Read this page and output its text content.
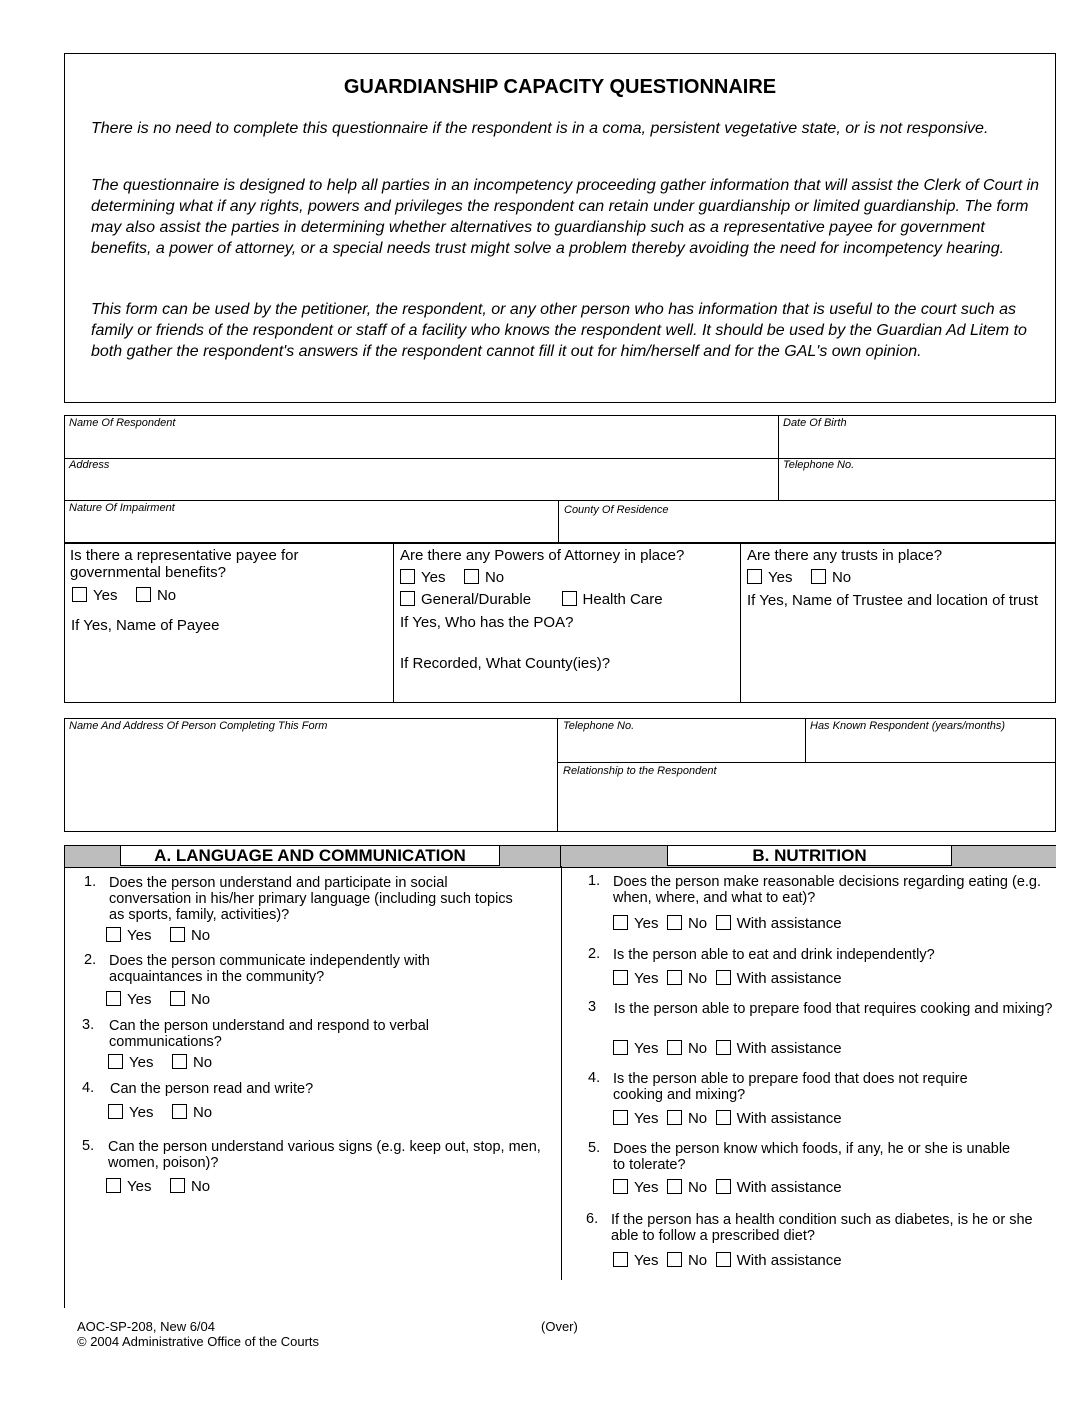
GUARDIANSHIP CAPACITY QUESTIONNAIRE
There is no need to complete this questionnaire if the respondent is in a coma, persistent vegetative state, or is not responsive.
The questionnaire is designed to help all parties in an incompetency proceeding gather information that will assist the Clerk of Court in determining what if any rights, powers and privileges the respondent can retain under guardianship or limited guardianship. The form may also assist the parties in determining whether alternatives to guardianship such as a representative payee for government benefits, a power of attorney, or a special needs trust might solve a problem thereby avoiding the need for incompetency hearing.
This form can be used by the petitioner, the respondent, or any other person who has information that is useful to the court such as family or friends of the respondent or staff of a facility who knows the respondent well. It should be used by the Guardian Ad Litem to both gather the respondent's answers if the respondent cannot fill it out for him/herself and for the GAL's own opinion.
Name Of Respondent	Date Of Birth
Address	Telephone No.
Nature Of Impairment	County Of Residence
Is there a representative payee for governmental benefits?
Yes	No
If Yes, Name of Payee
Are there any Powers of Attorney in place?
Yes	No
General/Durable	Health Care
If Yes, Who has the POA?
If Recorded, What County(ies)?
Are there any trusts in place?
Yes	No
If Yes, Name of Trustee and location of trust
Name And Address Of Person Completing This Form	Telephone No.	Has Known Respondent (years/months)
Relationship to the Respondent
A. LANGUAGE AND COMMUNICATION	B. NUTRITION
1. Does the person understand and participate in social conversation in his/her primary language (including such topics as sports, family, activities)?
Yes	No
2. Does the person communicate independently with acquaintances in the community?
Yes	No
3. Can the person understand and respond to verbal communications?
Yes	No
4. Can the person read and write?
Yes	No
5. Can the person understand various signs (e.g. keep out, stop, men, women, poison)?
Yes	No
1. Does the person make reasonable decisions regarding eating (e.g. when, where, and what to eat)?
Yes No With assistance
2. Is the person able to eat and drink independently?
Yes No With assistance
3 Is the person able to prepare food that requires cooking and mixing?
Yes No With assistance
4. Is the person able to prepare food that does not require cooking and mixing?
Yes No With assistance
5. Does the person know which foods, if any, he or she is unable to tolerate?
Yes No With assistance
6. If the person has a health condition such as diabetes, is he or she able to follow a prescribed diet?
Yes No With assistance
AOC-SP-208, New 6/04
© 2004 Administrative Office of the Courts
(Over)
